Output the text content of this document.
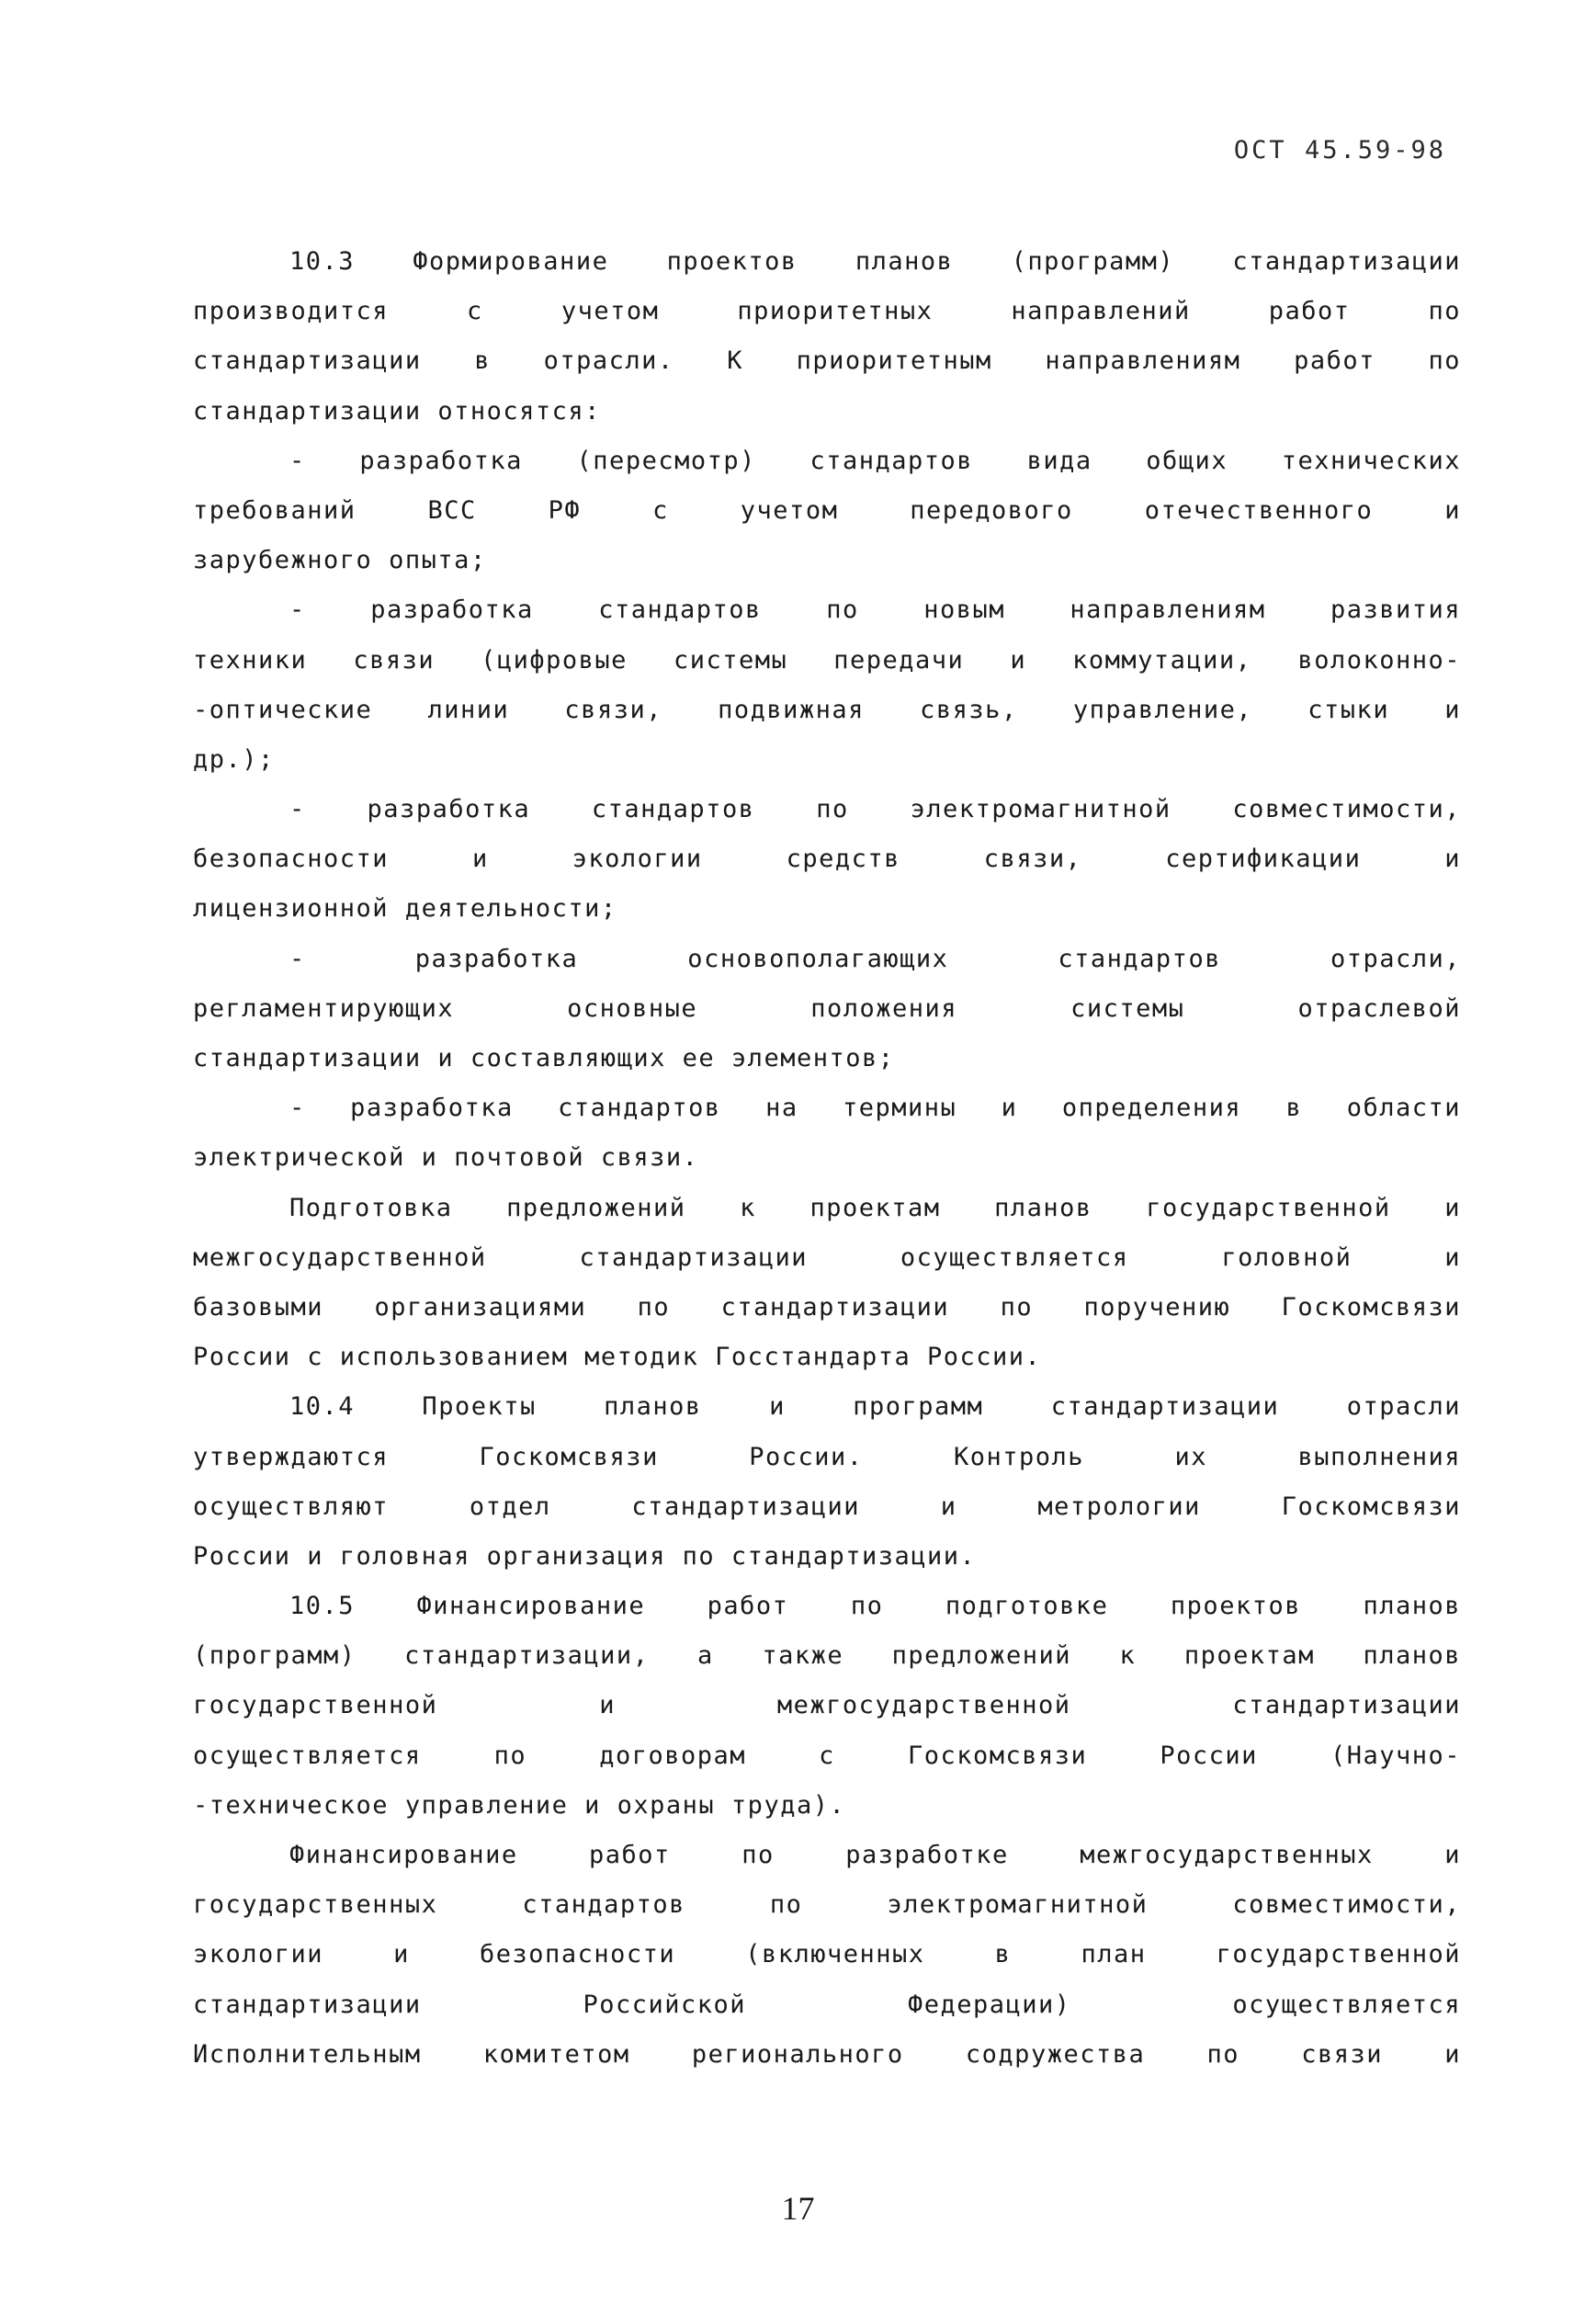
ОСТ 45.59-98
10.3 Формирование проектов планов (программ) стандартизации
производится с учетом приоритетных направлений работ по
стандартизации в отрасли. К приоритетным направлениям работ по
стандартизации относятся:
- разработка (пересмотр) стандартов вида общих технических
требований ВСС РФ с учетом передового отечественного и
зарубежного опыта;
- разработка стандартов по новым направлениям развития
техники связи (цифровые системы передачи и коммутации, волоконно-
-оптические линии связи, подвижная связь, управление, стыки и
др.);
- разработка стандартов по электромагнитной совместимости,
безопасности и экологии средств связи, сертификации и
лицензионной деятельности;
- разработка основополагающих стандартов отрасли,
регламентирующих основные положения системы отраслевой
стандартизации и составляющих ее элементов;
- разработка стандартов на термины и определения в области
электрической и почтовой связи.
Подготовка предложений к проектам планов государственной и
межгосударственной стандартизации осуществляется головной и
базовыми организациями по стандартизации по поручению Госкомсвязи
России с использованием методик Госстандарта России.
10.4 Проекты планов и программ стандартизации отрасли
утверждаются Госкомсвязи России. Контроль их выполнения
осуществляют отдел стандартизации и метрологии Госкомсвязи
России и головная организация по стандартизации.
10.5 Финансирование работ по подготовке проектов планов
(программ) стандартизации, а также предложений к проектам планов
государственной и межгосударственной стандартизации
осуществляется по договорам с Госкомсвязи России (Научно-
-техническое управление и охраны труда).
Финансирование работ по разработке межгосударственных и
государственных стандартов по электромагнитной совместимости,
экологии и безопасности (включенных в план государственной
стандартизации Российской Федерации) осуществляется
Исполнительным комитетом регионального содружества по связи и
17
